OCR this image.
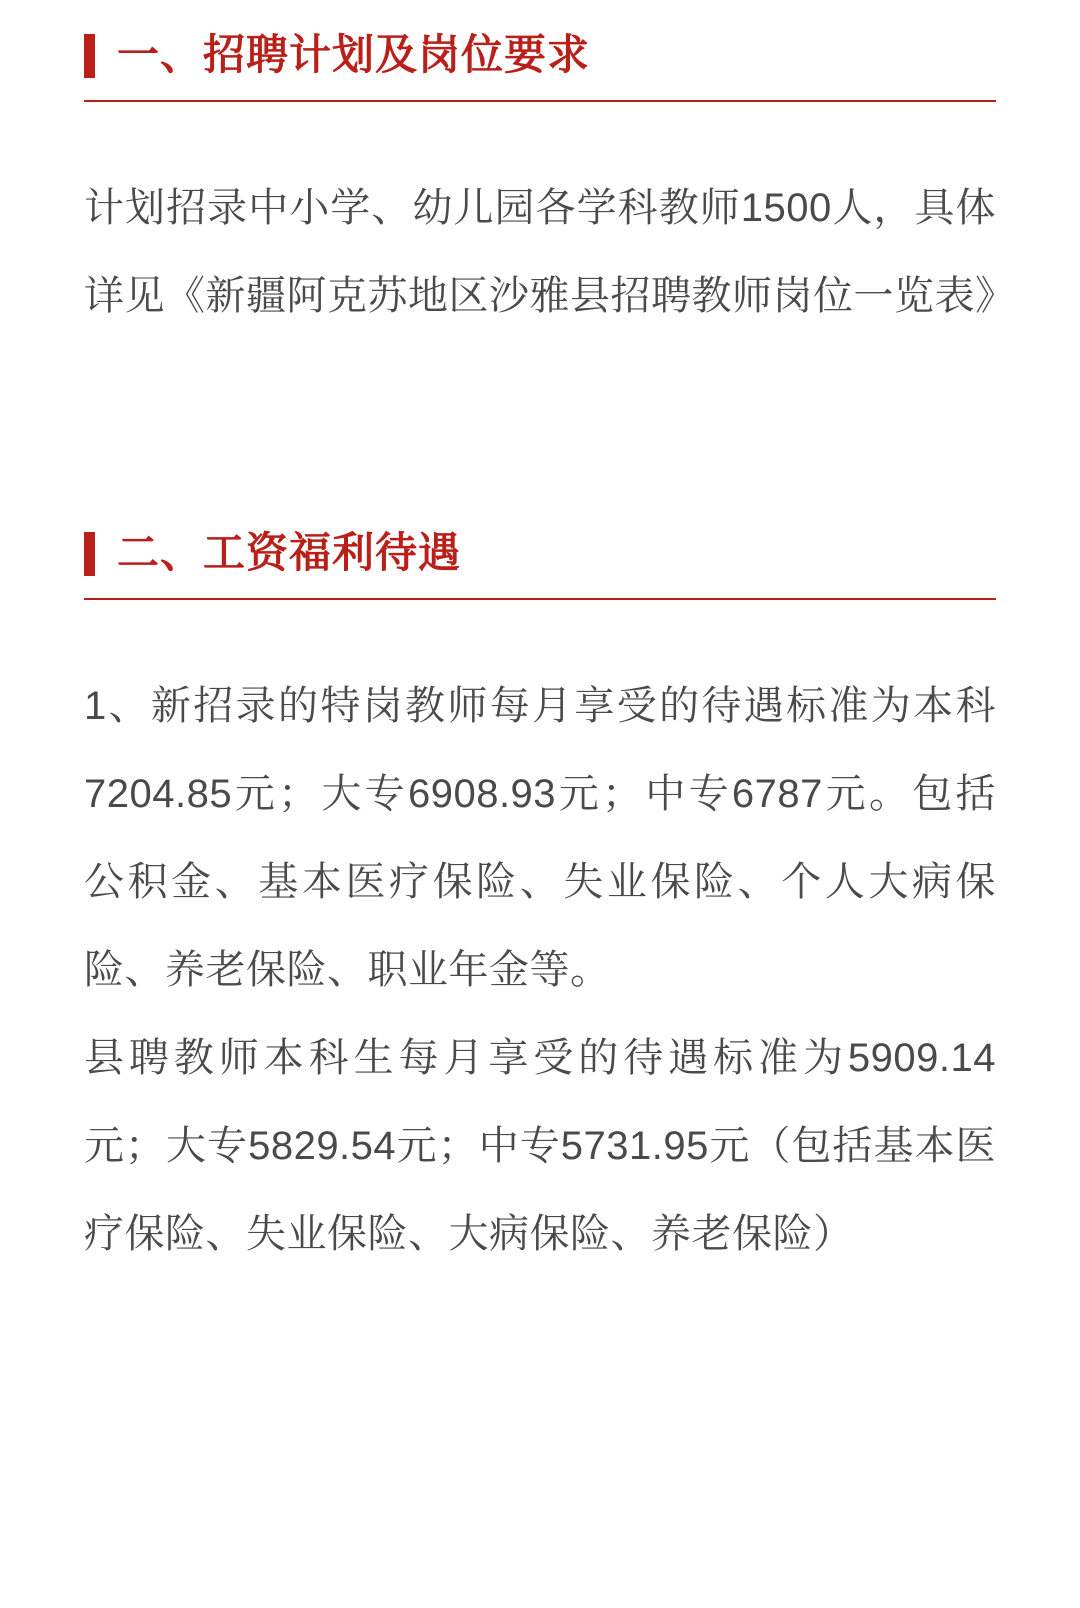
一、招聘计划及岗位要求

计划招录中小学、幼儿园各学科教师1500人，具体详见《新疆阿克苏地区沙雅县招聘教师岗位一览表》

二、工资福利待遇

1、新招录的特岗教师每月享受的待遇标准为本科7204.85元；大专6908.93元；中专6787元。包括公积金、基本医疗保险、失业保险、个人大病保险、养老保险、职业年金等。

县聘教师本科生每月享受的待遇标准为5909.14元；大专5829.54元；中专5731.95元（包括基本医疗保险、失业保险、大病保险、养老保险）
